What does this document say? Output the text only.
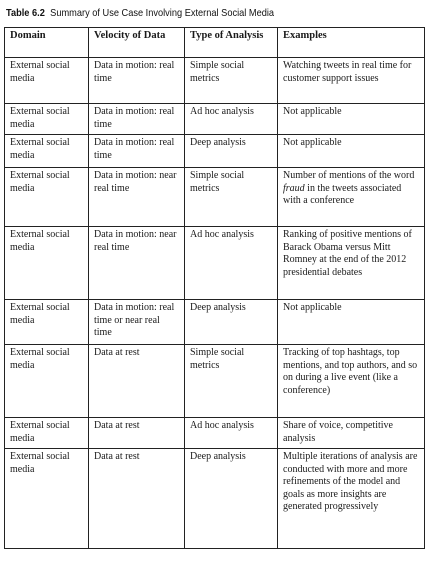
Table 6.2 Summary of Use Case Involving External Social Media
Domain	Velocity of Data	Type of Analysis	Examples
External social media	Data in motion: real time	Simple social metrics	Watching tweets in real time for customer support issues
External social media	Data in motion: real time	Ad hoc analysis	Not applicable
External social media	Data in motion: real time	Deep analysis	Not applicable
External social media	Data in motion: near real time	Simple social metrics	Number of mentions of the word fraud in the tweets associated with a conference
External social media	Data in motion: near real time	Ad hoc analysis	Ranking of positive mentions of Barack Obama versus Mitt Romney at the end of the 2012 presidential debates
External social media	Data in motion: real time or near real time	Deep analysis	Not applicable
External social media	Data at rest	Simple social metrics	Tracking of top hashtags, top mentions, and top authors, and so on during a live event (like a conference)
External social media	Data at rest	Ad hoc analysis	Share of voice, competitive analysis
External social media	Data at rest	Deep analysis	Multiple iterations of analysis are conducted with more and more refinements of the model and goals as more insights are generated progressively
